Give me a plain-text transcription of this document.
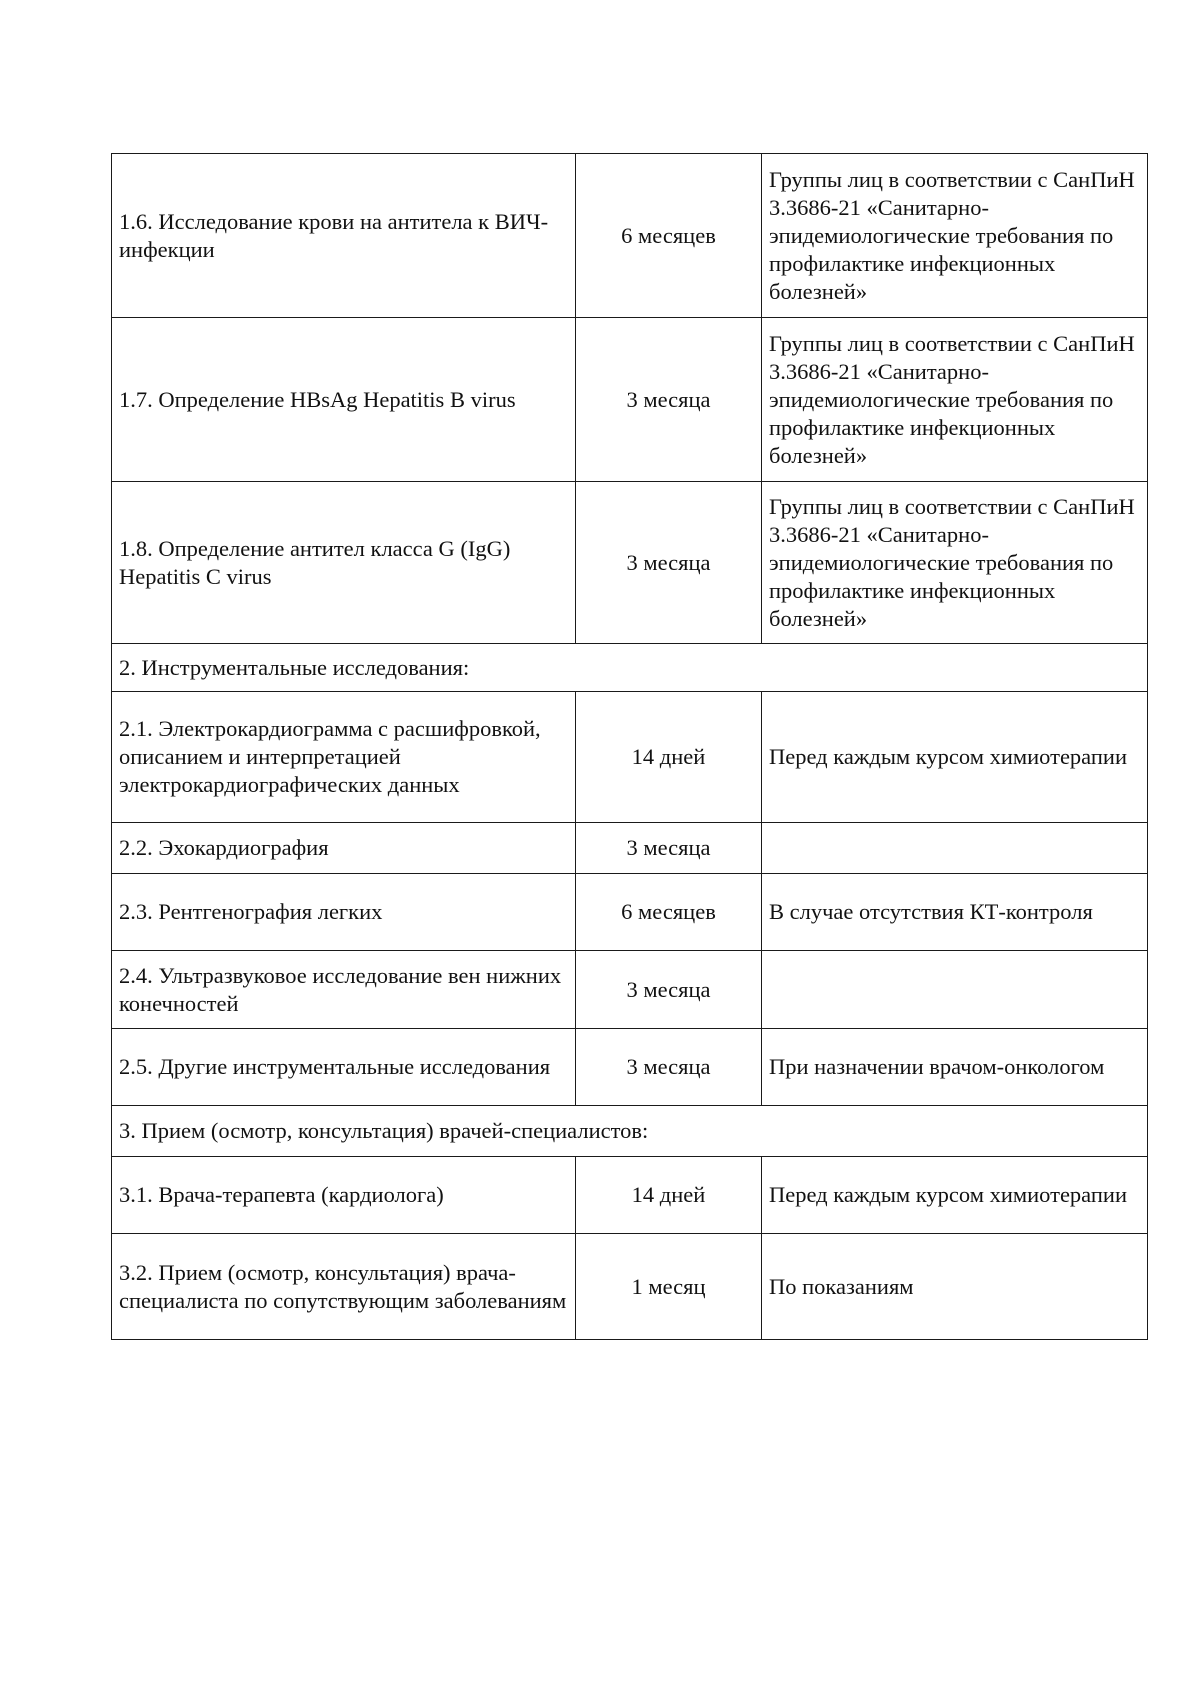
1.6. Исследование крови на антитела к ВИЧ-инфекции	6 месяцев	Группы лиц в соответствии с СанПиН 3.3686-21 «Санитарно-эпидемиологические требования по профилактике инфекционных болезней»
1.7. Определение HBsAg Hepatitis B virus	3 месяца	Группы лиц в соответствии с СанПиН 3.3686-21 «Санитарно-эпидемиологические требования по профилактике инфекционных болезней»
1.8. Определение антител класса G (IgG) Hepatitis C virus	3 месяца	Группы лиц в соответствии с СанПиН 3.3686-21 «Санитарно-эпидемиологические требования по профилактике инфекционных болезней»
2. Инструментальные исследования:		
2.1. Электрокардиограмма с расшифровкой, описанием и интерпретацией электрокардиографических данных	14 дней	Перед каждым курсом химиотерапии
2.2. Эхокардиография	3 месяца	
2.3. Рентгенография легких	6 месяцев	В случае отсутствия КТ-контроля
2.4. Ультразвуковое исследование вен нижних конечностей	3 месяца	
2.5. Другие инструментальные исследования	3 месяца	При назначении врачом-онкологом
3. Прием (осмотр, консультация) врачей-специалистов:		
3.1. Врача-терапевта (кардиолога)	14 дней	Перед каждым курсом химиотерапии
3.2. Прием (осмотр, консультация) врача-специалиста по сопутствующим заболеваниям	1 месяц	По показаниям
